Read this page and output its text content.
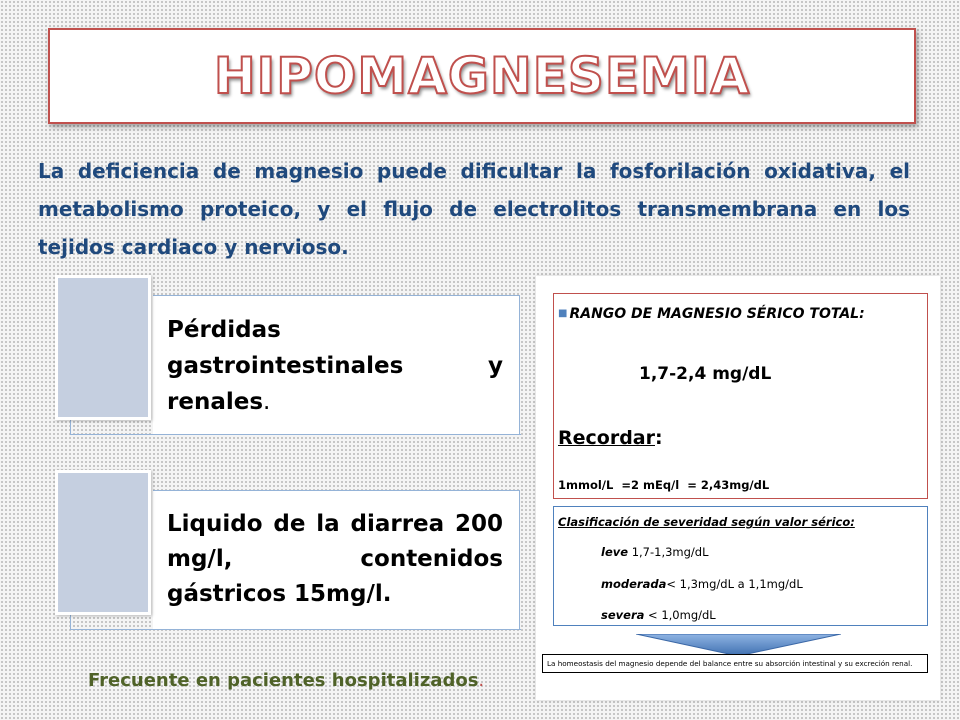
HIPOMAGNESEMIA

La deficiencia de magnesio puede dificultar la fosforilación oxidativa, el metabolismo proteico, y el flujo de electrolitos transmembrana en los tejidos cardiaco y nervioso.

Pérdidas gastrointestinales y renales.

Liquido de la diarrea 200 mg/l, contenidos gástricos 15mg/l.

■ RANGO DE MAGNESIO SÉRICO TOTAL:
1,7-2,4 mg/dL
Recordar:
1mmol/L  =2 mEq/l  = 2,43mg/dL
Clasificación de severidad según valor sérico:
leve 1,7-1,3mg/dL
moderada< 1,3mg/dL a 1,1mg/dL
severa < 1,0mg/dL
La homeostasis del magnesio depende del balance entre su absorción intestinal y su excreción renal.
Frecuente en pacientes hospitalizados.
